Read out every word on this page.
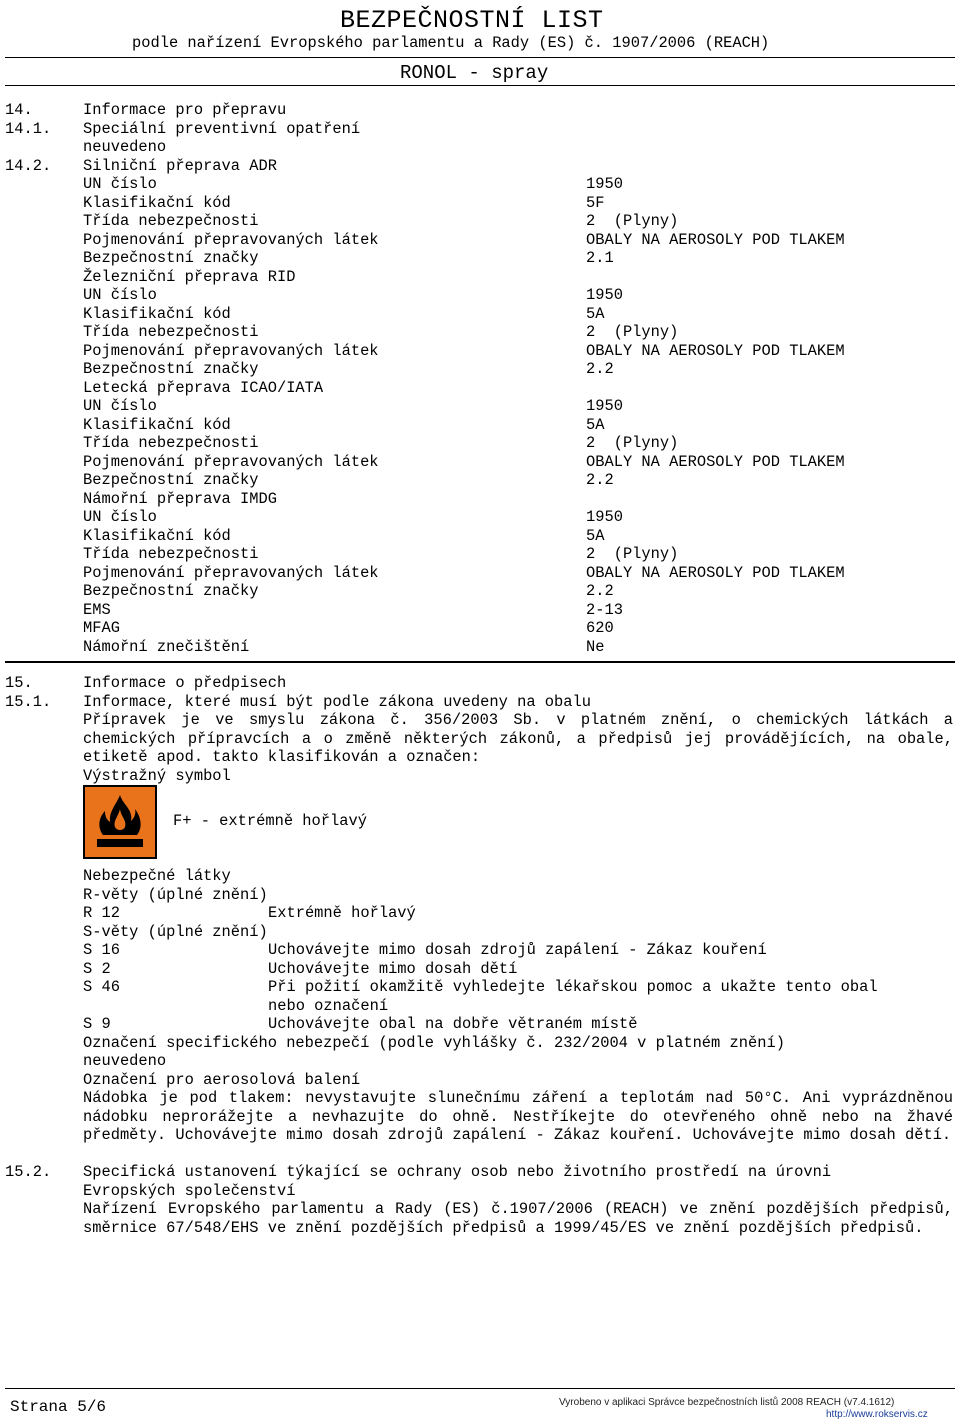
BEZPEČNOSTNÍ LIST
podle nařízení Evropského parlamentu a Rady (ES) č. 1907/2006 (REACH)
RONOL - spray
14.	Informace pro přepravu
14.1. Speciální preventivní opatření
neuvedeno
14.2. Silniční přeprava ADR
UN číslo	1950
Klasifikační kód	5F
Třída nebezpečnosti	2  (Plyny)
Pojmenování přepravovaných látek	OBALY NA AEROSOLY POD TLAKEM
Bezpečnostní značky	2.1
Železniční přeprava RID
UN číslo	1950
Klasifikační kód	5A
Třída nebezpečnosti	2  (Plyny)
Pojmenování přepravovaných látek	OBALY NA AEROSOLY POD TLAKEM
Bezpečnostní značky	2.2
Letecká přeprava ICAO/IATA
UN číslo	1950
Klasifikační kód	5A
Třída nebezpečnosti	2  (Plyny)
Pojmenování přepravovaných látek	OBALY NA AEROSOLY POD TLAKEM
Bezpečnostní značky	2.2
Námořní přeprava IMDG
UN číslo	1950
Klasifikační kód	5A
Třída nebezpečnosti	2  (Plyny)
Pojmenování přepravovaných látek	OBALY NA AEROSOLY POD TLAKEM
Bezpečnostní značky	2.2
EMS	2-13
MFAG	620
Námořní znečištění	Ne
15.	Informace o předpisech
15.1. Informace, které musí být podle zákona uvedeny na obalu
Přípravek je ve smyslu zákona č. 356/2003 Sb. v platném znění, o chemických látkách a chemických přípravcích a o změně některých zákonů, a předpisů jej provádějících, na obale, etiketě apod. takto klasifikován a označen:
Výstražný symbol
F+ - extrémně hořlavý
Nebezpečné látky
R-věty (úplné znění)
R 12	Extrémně hořlavý
S-věty (úplné znění)
S 16	Uchovávejte mimo dosah zdrojů zapálení - Zákaz kouření
S 2	Uchovávejte mimo dosah dětí
S 46	Při požití okamžitě vyhledejte lékařskou pomoc a ukažte tento obal
nebo označení
S 9	Uchovávejte obal na dobře větraném místě
Označení specifického nebezpečí (podle vyhlášky č. 232/2004 v platném znění)
neuvedeno
Označení pro aerosolová balení
Nádobka je pod tlakem: nevystavujte slunečnímu záření a teplotám nad 50°C. Ani vyprázdněnou nádobku neprorážejte a nevhazujte do ohně. Nestříkejte do otevřeného ohně nebo na žhavé předměty. Uchovávejte mimo dosah zdrojů zapálení - Zákaz kouření. Uchovávejte mimo dosah dětí.
15.2. Specifická ustanovení týkající se ochrany osob nebo životního prostředí na úrovni
Evropských společenství
Nařízení Evropského parlamentu a Rady (ES) č.1907/2006 (REACH) ve znění pozdějších předpisů, směrnice 67/548/EHS ve znění pozdějších předpisů a 1999/45/ES ve znění pozdějších předpisů.
Strana 5/6	Vyrobeno v aplikaci Správce bezpečnostních listů 2008 REACH (v7.4.1612)
http://www.rokservis.cz
